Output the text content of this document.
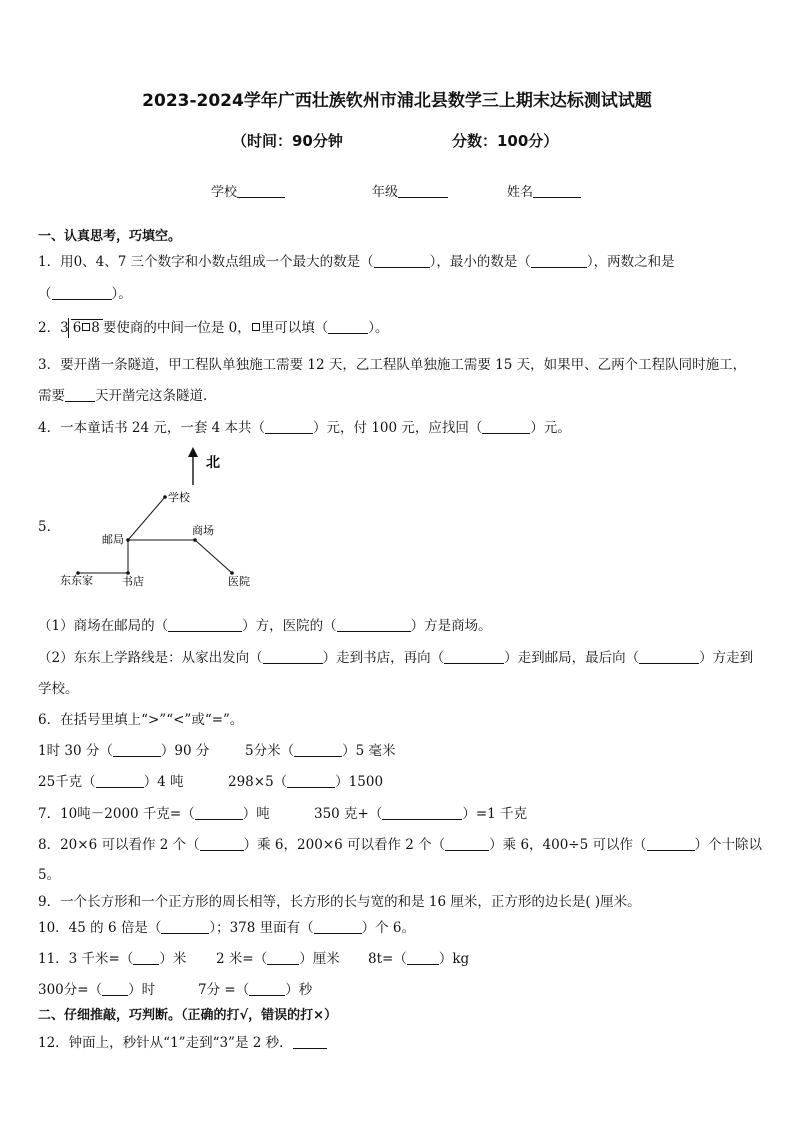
2023-2024学年广西壮族钦州市浦北县数学三上期末达标测试试题
（时间：90分钟	分数：100分）
学校	年级	姓名
一、认真思考，巧填空。
1．用0、4、7 三个数字和小数点组成一个最大的数是（	），最小的数是（	），两数之和是
（	）。
2．3 6 8 要使商的中间一位是 0， 里可以填（	）。
3．要开凿一条隧道，甲工程队单独施工需要 12 天，乙工程队单独施工需要 15 天，如果甲、乙两个工程队同时施工，
需要 天开凿完这条隧道．
4．一本童话书 24 元，一套 4 本共（	）元，付 100 元，应找回（	）元。
5．
北
学校
邮局
商场
东东家	书店	医院
（1）商场在邮局的（	）方，医院的（	）方是商场。
（2）东东上学路线是：从家出发向（	）走到书店，再向（	）走到邮局，最后向（	）方走到
学校。
6．在括号里填上“>”“<”或“=”。
1时 30 分（	）90 分	5分米（	）5 毫米
25千克（	）4 吨	298×5（	）1500
7．10吨－2000 千克=（	）吨	350 克+（	）=1 千克
8．20×6 可以看作 2 个（	）乘 6，200×6 可以看作 2 个（	）乘 6，400÷5 可以作（	）个十除以
5。
9．一个长方形和一个正方形的周长相等，长方形的长与宽的和是 16 厘米，正方形的边长是( )厘米。
10．45 的 6 倍是（	）；378 里面有（	）个 6。
11．3 千米=（ ）米 2 米=（ ）厘米 8t=（ ）kg
300分=（ ）时	7分 =（	）秒
二、仔细推敲，巧判断。（正确的打√，错误的打×）
12．钟面上，秒针从“1”走到“3”是 2 秒．
